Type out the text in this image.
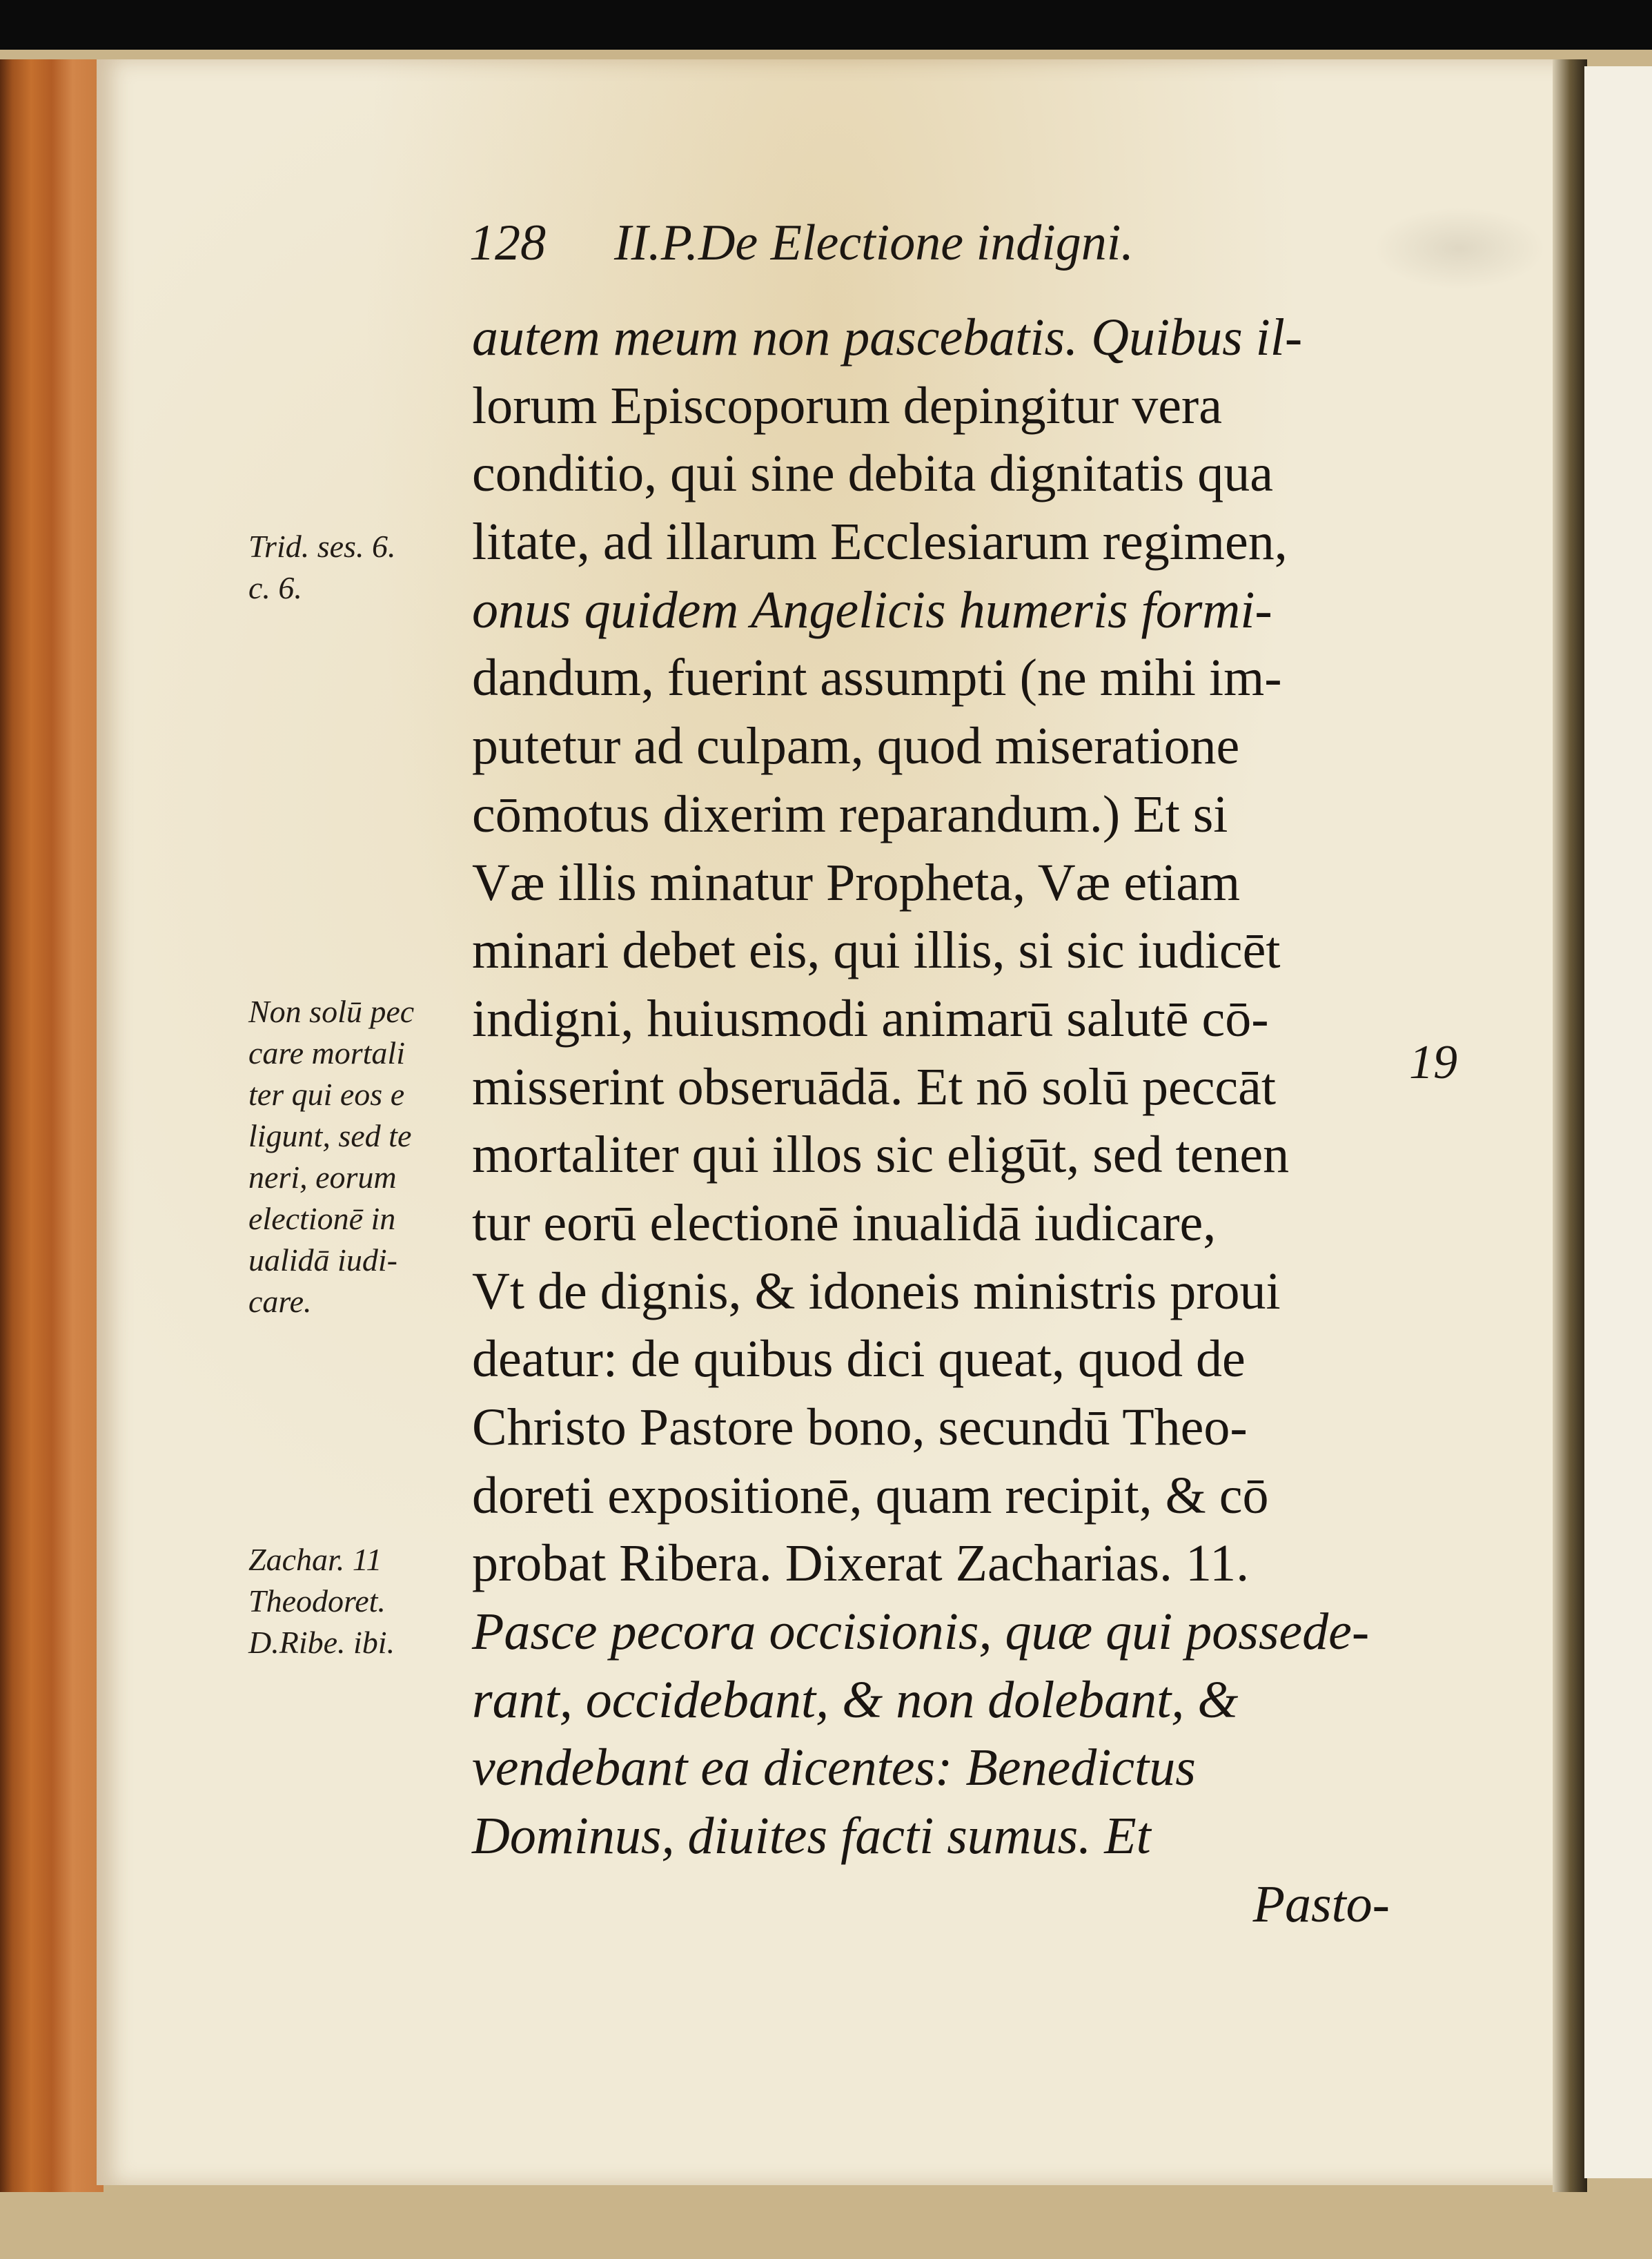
128 II.P.De Electione indigni.
autem meum non pascebatis. Quibus il-
lorum Episcoporum depingitur vera
conditio, qui sine debita dignitatis qua
litate, ad illarum Ecclesiarum regimen,
onus quidem Angelicis humeris formi-
dandum, fuerint assumpti (ne mihi im-
putetur ad culpam, quod miseratione
cōmotus dixerim reparandum.) Et si
Væ illis minatur Propheta, Væ etiam
minari debet eis, qui illis, si sic iudicēt
indigni, huiusmodi animarū salutē cō-
misserint obseruādā. Et nō solū peccāt
mortaliter qui illos sic eligūt, sed tenen
tur eorū electionē inualidā iudicare,
Vt de dignis, & idoneis ministris proui
deatur: de quibus dici queat, quod de
Christo Pastore bono, secundū Theo-
doreti expositionē, quam recipit, & cō
probat Ribera. Dixerat Zacharias. 11.
Pasce pecora occisionis, quæ qui possede-
rant, occidebant, & non dolebant, &
vendebant ea dicentes: Benedictus
Dominus, diuites facti sumus. Et
Pasto-
Trid. ses. 6.
c. 6.
Non solū pec
care mortali
ter qui eos e
ligunt, sed te
neri, eorum
electionē in
ualidā iudi-
care.
Zachar. 11
Theodoret.
D.Ribe. ibi.
19
